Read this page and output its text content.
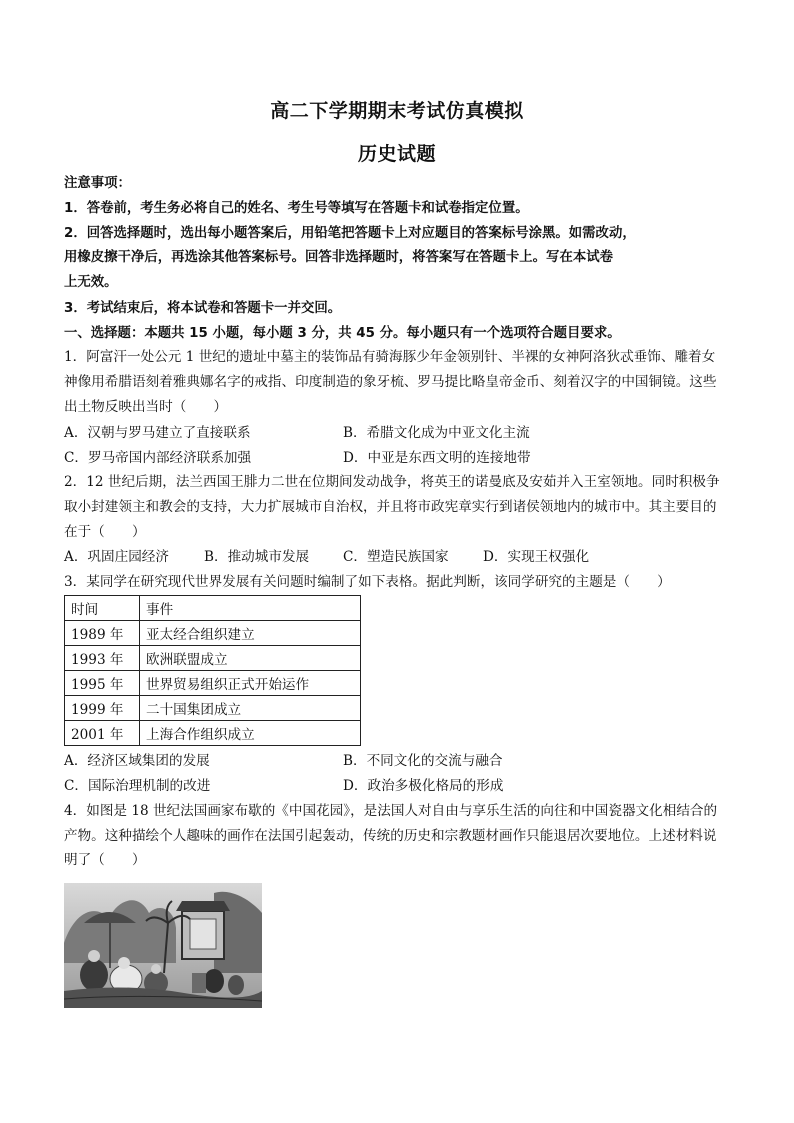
高二下学期期末考试仿真模拟
历史试题
注意事项：
1．答卷前，考生务必将自己的姓名、考生号等填写在答题卡和试卷指定位置。
2．回答选择题时，选出每小题答案后，用铅笔把答题卡上对应题目的答案标号涂黑。如需改动，
用橡皮擦干净后，再选涂其他答案标号。回答非选择题时，将答案写在答题卡上。写在本试卷
上无效。
3．考试结束后，将本试卷和答题卡一并交回。
一、选择题：本题共 15 小题，每小题 3 分，共 45 分。每小题只有一个选项符合题目要求。
1．阿富汗一处公元 1 世纪的遗址中墓主的装饰品有骑海豚少年金领别针、半裸的女神阿洛狄忒垂饰、雕着女
神像用希腊语刻着雅典娜名字的戒指、印度制造的象牙梳、罗马提比略皇帝金币、刻着汉字的中国铜镜。这些
出土物反映出当时（　　）
A．汉朝与罗马建立了直接联系	B．希腊文化成为中亚文化主流
C．罗马帝国内部经济联系加强	D．中亚是东西文明的连接地带
2．12 世纪后期，法兰西国王腓力二世在位期间发动战争，将英王的诺曼底及安茹并入王室领地。同时积极争
取小封建领主和教会的支持，大力扩展城市自治权，并且将市政宪章实行到诸侯领地内的城市中。其主要目的
在于（　　）
A．巩固庄园经济	B．推动城市发展 C．塑造民族国家	D．实现王权强化
3．某同学在研究现代世界发展有关问题时编制了如下表格。据此判断，该同学研究的主题是（　　）
时间	事件
1989 年	亚太经合组织建立
1993 年	欧洲联盟成立
1995 年	世界贸易组织正式开始运作
1999 年	二十国集团成立
2001 年	上海合作组织成立
A．经济区域集团的发展	B．不同文化的交流与融合
C．国际治理机制的改进	D．政治多极化格局的形成
4．如图是 18 世纪法国画家布歇的《中国花园》，是法国人对自由与享乐生活的向往和中国瓷器文化相结合的
产物。这种描绘个人趣味的画作在法国引起轰动，传统的历史和宗教题材画作只能退居次要地位。上述材料说
明了（　　）
